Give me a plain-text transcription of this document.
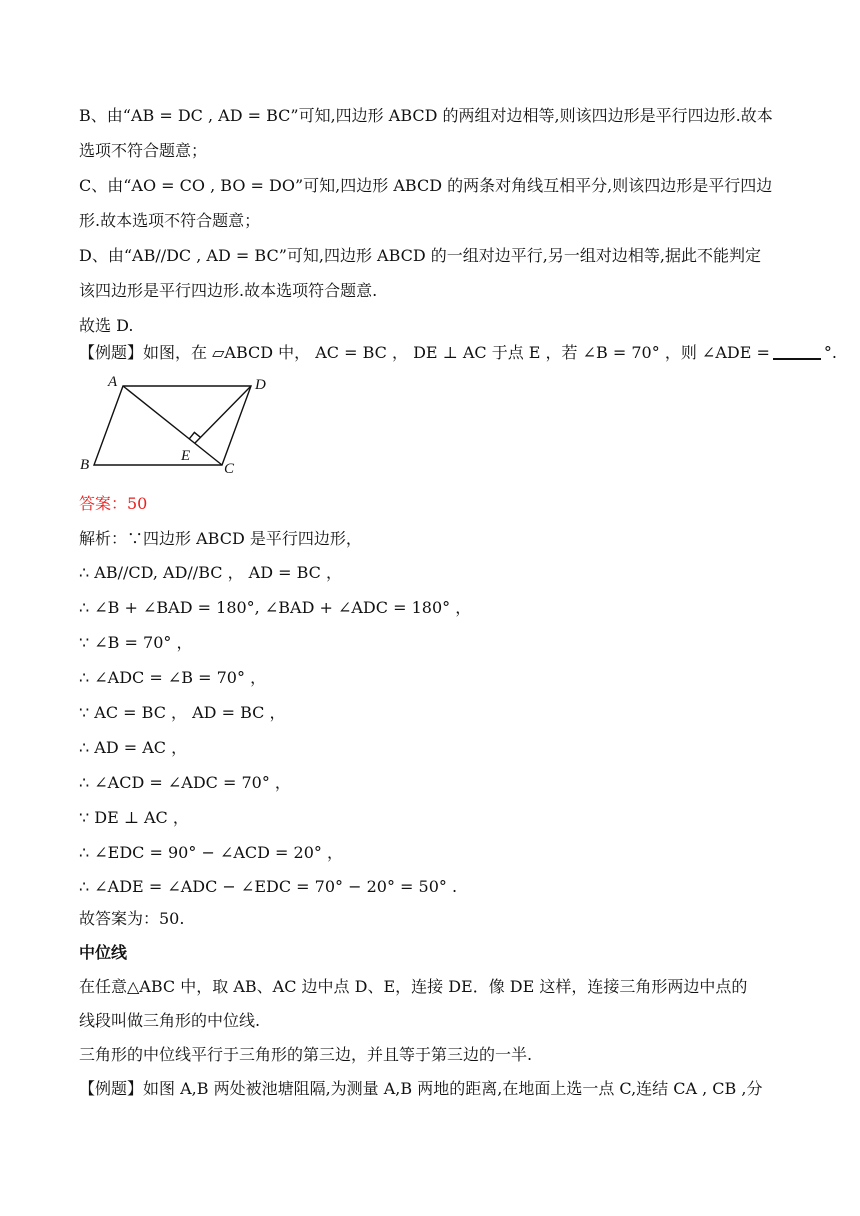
B、由“AB = DC , AD = BC”可知,四边形 ABCD 的两组对边相等,则该四边形是平行四边形.故本
选项不符合题意；
C、由“AO = CO , BO = DO”可知,四边形 ABCD 的两条对角线互相平分,则该四边形是平行四边
形.故本选项不符合题意；
D、由“AB//DC , AD = BC”可知,四边形 ABCD 的一组对边平行,另一组对边相等,据此不能判定
该四边形是平行四边形.故本选项符合题意.
故选 D.
【例题】如图，在 ▱ABCD 中， AC = BC ， DE ⊥ AC 于点 E ，若 ∠B = 70° ，则 ∠ADE =	°.
A	D
B	C
E
答案：50
解析：∵四边形 ABCD 是平行四边形，
∴ AB//CD, AD//BC ， AD = BC ，
∴ ∠B + ∠BAD = 180°, ∠BAD + ∠ADC = 180° ，
∵ ∠B = 70° ，
∴ ∠ADC = ∠B = 70° ，
∵ AC = BC ， AD = BC ，
∴ AD = AC ，
∴ ∠ACD = ∠ADC = 70° ，
∵ DE ⊥ AC ，
∴ ∠EDC = 90° − ∠ACD = 20° ，
∴ ∠ADE = ∠ADC − ∠EDC = 70° − 20° = 50° .
故答案为：50.
中位线
在任意△ABC 中，取 AB、AC 边中点 D、E，连接 DE．像 DE 这样，连接三角形两边中点的
线段叫做三角形的中位线.
三角形的中位线平行于三角形的第三边，并且等于第三边的一半.
【例题】如图 A,B 两处被池塘阻隔,为测量 A,B 两地的距离,在地面上选一点 C,连结 CA , CB ,分
